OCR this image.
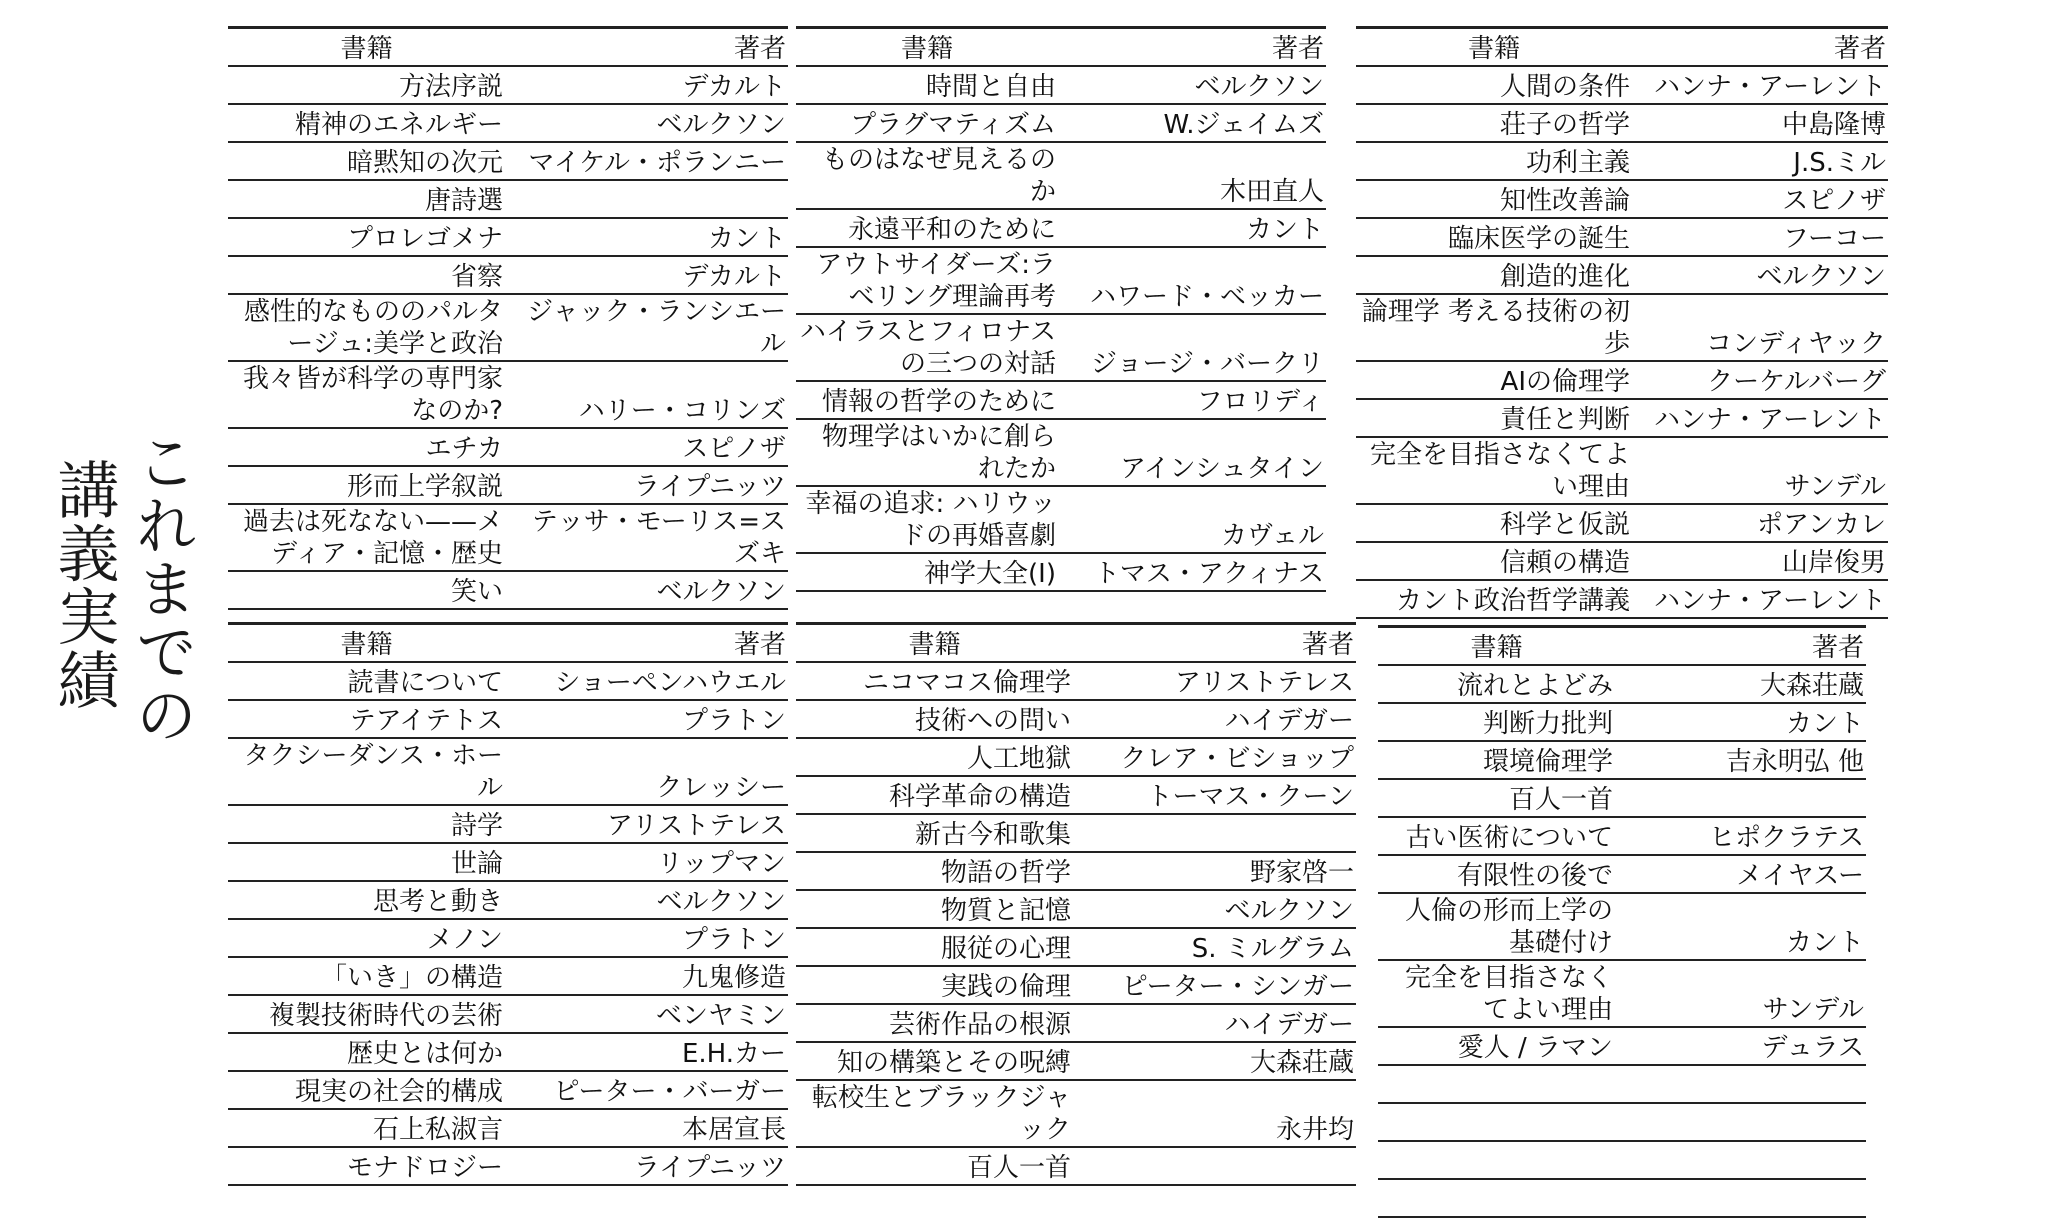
これまでの
講義実績
書籍	著者
方法序説	デカルト
精神のエネルギー	ベルクソン
暗黙知の次元	マイケル・ポランニー
唐詩選	
プロレゴメナ	カント
省察	デカルト
感性的なもののパルタージュ:美学と政治	ジャック・ランシエール
我々皆が科学の専門家なのか?	ハリー・コリンズ
エチカ	スピノザ
形而上学叙説	ライプニッツ
過去は死なない——メディア・記憶・歴史	テッサ・モーリス=スズキ
笑い	ベルクソン
書籍	著者
時間と自由	ベルクソン
プラグマティズム	W.ジェイムズ
ものはなぜ見えるのか	木田直人
永遠平和のために	カント
アウトサイダーズ:ラベリング理論再考	ハワード・ベッカー
ハイラスとフィロナスの三つの対話	ジョージ・バークリ
情報の哲学のために	フロリディ
物理学はいかに創られたか	アインシュタイン
幸福の追求: ハリウッドの再婚喜劇	カヴェル
神学大全(Ⅰ)	トマス・アクィナス
書籍	著者
人間の条件	ハンナ・アーレント
荘子の哲学	中島隆博
功利主義	J.S.ミル
知性改善論	スピノザ
臨床医学の誕生	フーコー
創造的進化	ベルクソン
論理学 考える技術の初歩	コンディヤック
AIの倫理学	クーケルバーグ
責任と判断	ハンナ・アーレント
完全を目指さなくてよい理由	サンデル
科学と仮説	ポアンカレ
信頼の構造	山岸俊男
カント政治哲学講義	ハンナ・アーレント
書籍	著者
読書について	ショーペンハウエル
テアイテトス	プラトン
タクシーダンス・ホール	クレッシー
詩学	アリストテレス
世論	リップマン
思考と動き	ベルクソン
メノン	プラトン
「いき」の構造	九鬼修造
複製技術時代の芸術	ベンヤミン
歴史とは何か	E.H.カー
現実の社会的構成	ピーター・バーガー
石上私淑言	本居宣長
モナドロジー	ライプニッツ
書籍	著者
ニコマコス倫理学	アリストテレス
技術への問い	ハイデガー
人工地獄	クレア・ビショップ
科学革命の構造	トーマス・クーン
新古今和歌集	
物語の哲学	野家啓一
物質と記憶	ベルクソン
服従の心理	S. ミルグラム
実践の倫理	ピーター・シンガー
芸術作品の根源	ハイデガー
知の構築とその呪縛	大森荘蔵
転校生とブラックジャック	永井均
百人一首	
書籍	著者
流れとよどみ	大森荘蔵
判断力批判	カント
環境倫理学	吉永明弘 他
百人一首	
古い医術について	ヒポクラテス
有限性の後で	メイヤスー
人倫の形而上学の基礎付け	カント
完全を目指さなくてよい理由	サンデル
愛人 / ラマン	デュラス
